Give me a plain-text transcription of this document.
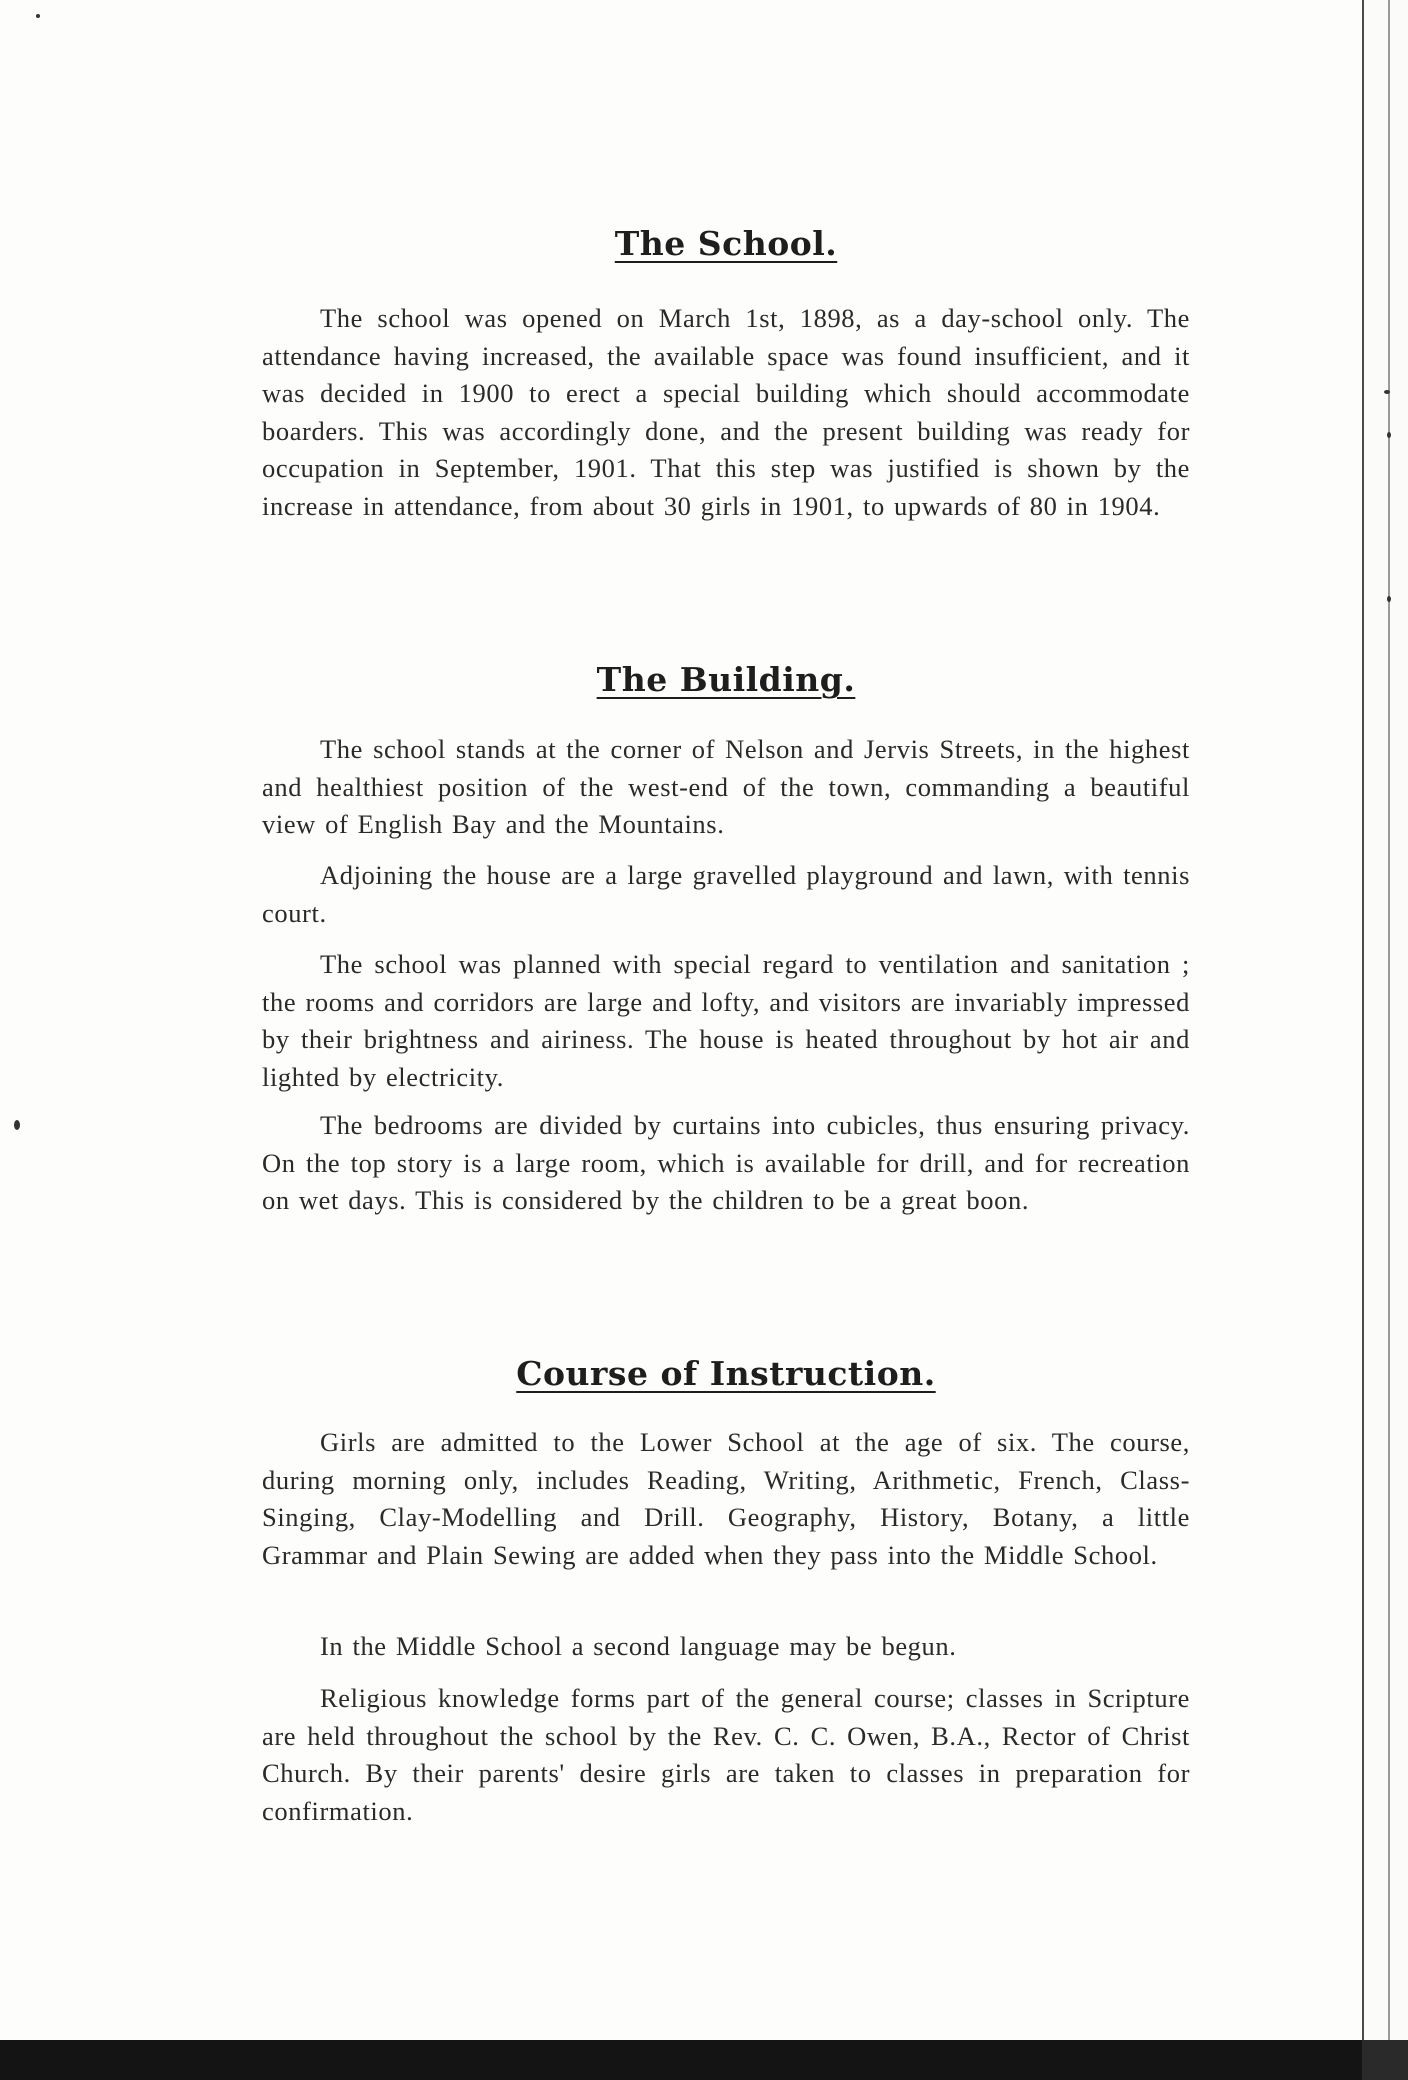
The School.

The school was opened on March 1st, 1898, as a day-school only. The attendance having increased, the available space was found insufficient, and it was decided in 1900 to erect a special building which should accommodate boarders. This was accordingly done, and the present building was ready for occupation in September, 1901. That this step was justified is shown by the increase in attendance, from about 30 girls in 1901, to upwards of 80 in 1904.

The Building.

The school stands at the corner of Nelson and Jervis Streets, in the highest and healthiest position of the west-end of the town, commanding a beautiful view of English Bay and the Mountains.

Adjoining the house are a large gravelled playground and lawn, with tennis court.

The school was planned with special regard to ventilation and sanitation ; the rooms and corridors are large and lofty, and visitors are invariably impressed by their brightness and airiness. The house is heated throughout by hot air and lighted by electricity.

The bedrooms are divided by curtains into cubicles, thus ensuring privacy. On the top story is a large room, which is available for drill, and for recreation on wet days. This is considered by the children to be a great boon.

Course of Instruction.

Girls are admitted to the Lower School at the age of six. The course, during morning only, includes Reading, Writing, Arithmetic, French, Class-Singing, Clay-Modelling and Drill. Geography, History, Botany, a little Grammar and Plain Sewing are added when they pass into the Middle School.

In the Middle School a second language may be begun.

Religious knowledge forms part of the general course; classes in Scripture are held throughout the school by the Rev. C. C. Owen, B.A., Rector of Christ Church. By their parents' desire girls are taken to classes in preparation for confirmation.
